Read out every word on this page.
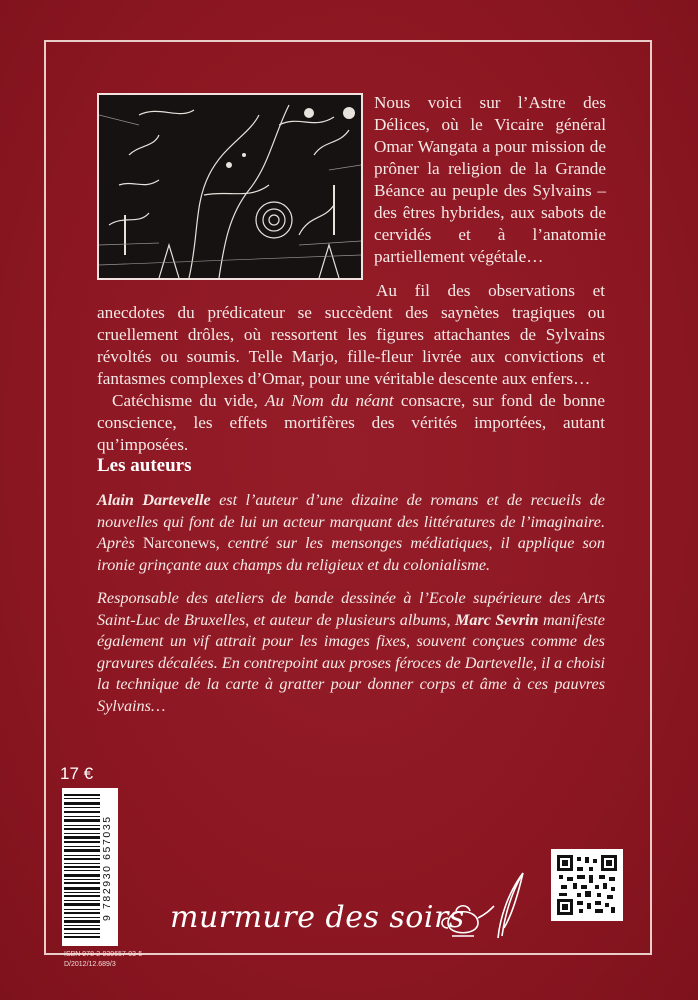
Nous voici sur l’Astre des Délices, où le Vicaire général Omar Wangata a pour mission de prôner la religion de la Grande Béance au peuple des Sylvains – des êtres hybrides, aux sabots de cervidés et à l’anatomie partiellement végétale…

Au fil des observations et anecdotes du prédicateur se succèdent des saynètes tragiques ou cruellement drôles, où ressortent les figures attachantes de Sylvains révoltés ou soumis. Telle Marjo, fille-fleur livrée aux convictions et fantasmes complexes d’Omar, pour une véritable descente aux enfers…

Catéchisme du vide, Au Nom du néant consacre, sur fond de bonne conscience, les effets mortifères des vérités importées, autant qu’imposées.

Les auteurs

Alain Dartevelle est l’auteur d’une dizaine de romans et de recueils de nouvelles qui font de lui un acteur marquant des littératures de l’imaginaire. Après Narconews, centré sur les mensonges médiatiques, il applique son ironie grinçante aux champs du religieux et du colonialisme.

Responsable des ateliers de bande dessinée à l’Ecole supérieure des Arts Saint-Luc de Bruxelles, et auteur de plusieurs albums, Marc Sevrin manifeste également un vif attrait pour les images fixes, souvent conçues comme des gravures décalées. En contrepoint aux proses féroces de Dartevelle, il a choisi la technique de la carte à gratter pour donner corps et âme à ces pauvres Sylvains…

17 €
9 782930 657035

ISBN 978-2-930657-03-5
D/2012/12.689/3

murmure des soirs
